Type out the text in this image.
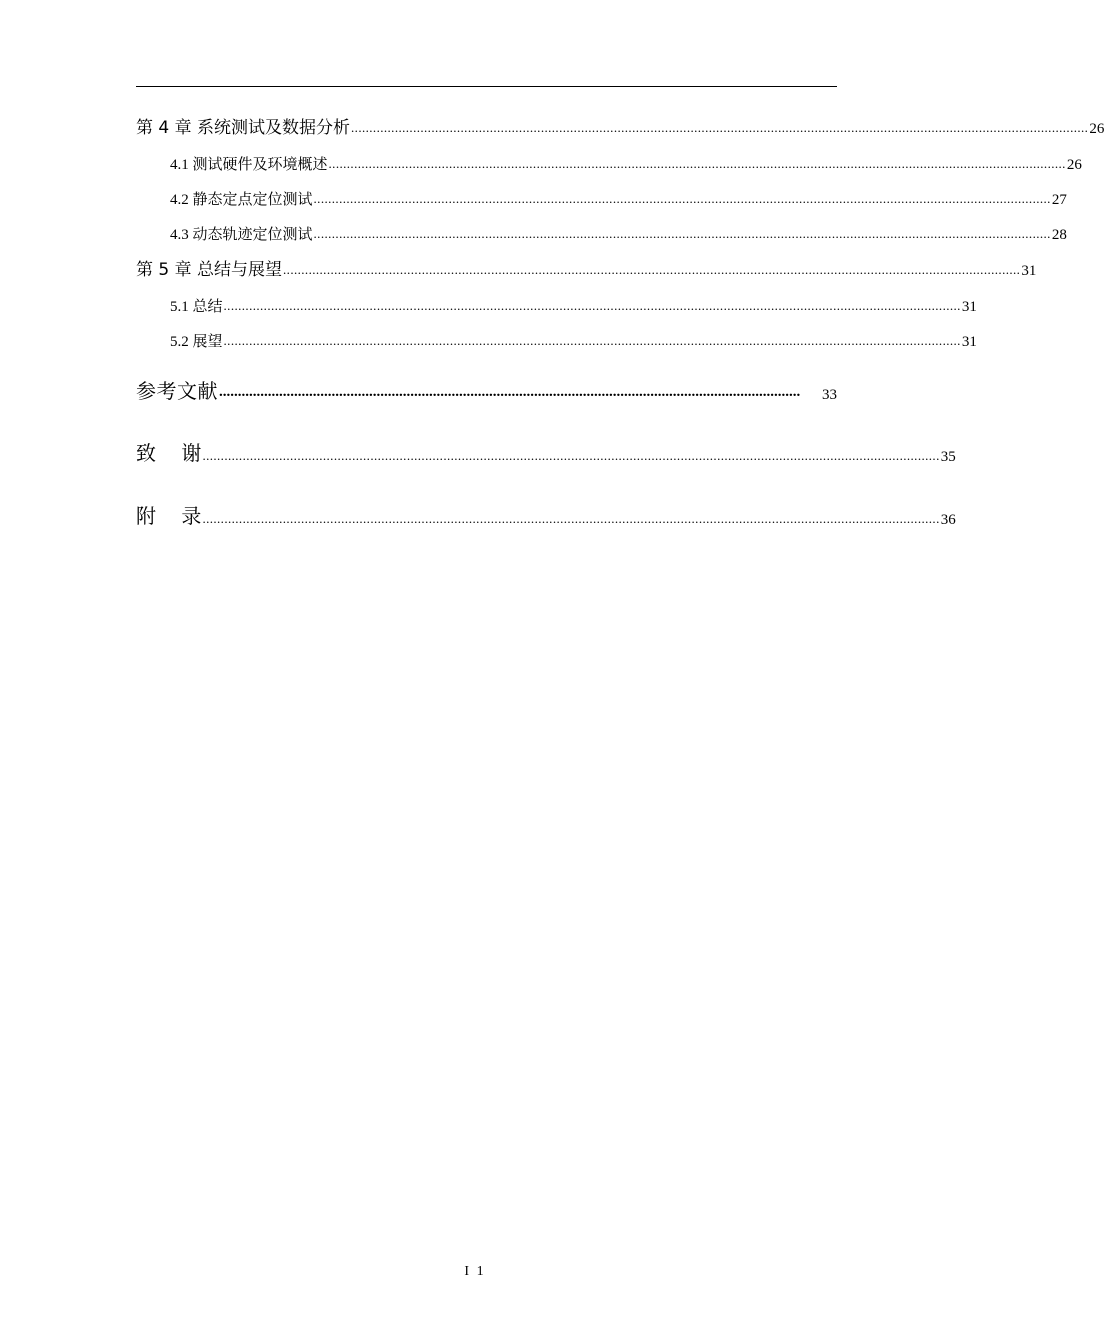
第 4 章 系统测试及数据分析 .......................................................................................................................................................................................................... 26
4.1 测试硬件及环境概述 .......................................................................................................................................................................................................... 26
4.2 静态定点定位测试 .......................................................................................................................................................................................................... 27
4.3 动态轨迹定位测试 .......................................................................................................................................................................................................... 28
第 5 章 总结与展望 .......................................................................................................................................................................................................... 31
5.1 总结 .......................................................................................................................................................................................................... 31
5.2 展望 .......................................................................................................................................................................................................... 31
参考文献 ...........................................................................................................................................................	33
致    谢 .......................................................................................................................................................................................................... 35
附    录 .......................................................................................................................................................................................................... 36
I 1
